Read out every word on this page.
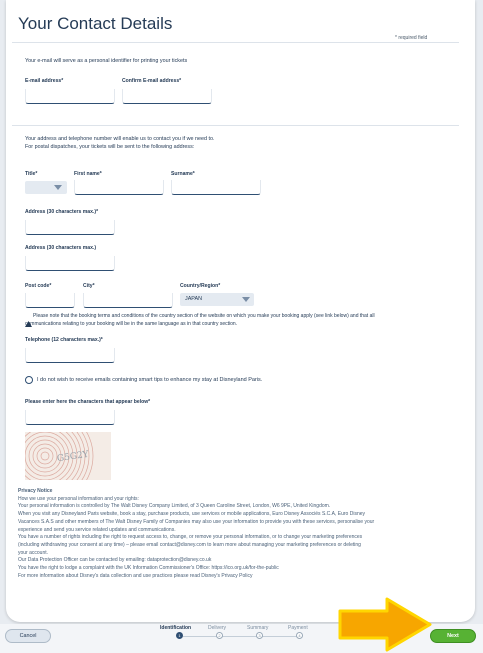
Your Contact Details
* required field
Your e-mail will serve as a personal identifier for printing your tickets
E-mail address*	Confirm E-mail address*
Your address and telephone number will enable us to contact you if we need to.
For postal dispatches, your tickets will be sent to the following address:
Title*	First name*	Surname*
Address (30 characters max.)*
Address (30 characters max.)
Post code*	City*	Country/Region*
JAPAN
Please note that the booking terms and conditions of the country section of the website on which you make your booking apply (see link below) and that all
communications relating to your booking will be in the same language as in that country section.
Telephone (12 characters max.)*
I do not wish to receive emails containing smart tips to enhance my stay at Disneyland Paris.
Please enter here the characters that appear below*
G5G2Y
Privacy Notice
How we use your personal information and your rights:
Your personal information is controlled by The Walt Disney Company Limited, of 3 Queen Caroline Street, London, W6 9PE, United Kingdom.
When you visit any Disneyland Paris website, book a stay, purchase products, use services or mobile applications, Euro Disney Associés S.C.A, Euro Disney
Vacances S.A.S and other members of The Walt Disney Family of Companies may also use your information to provide you with these services, personalise your
experience and send you service related updates and communications.
You have a number of rights including the right to request access to, change, or remove your personal information, or to change your marketing preferences
(including withdrawing your consent at any time) – please email contact@disney.com to learn more about managing your marketing preferences or deleting
your account.
Our Data Protection Officer can be contacted by emailing: dataprotection@disney.co.uk
You have the right to lodge a complaint with the UK Information Commissioner's Office: https://ico.org.uk/for-the-public
For more information about Disney's data collection and use practices please read Disney's Privacy Policy
Cancel
Identification	Delivery	Summary	Payment
1	2	3	4	Next
